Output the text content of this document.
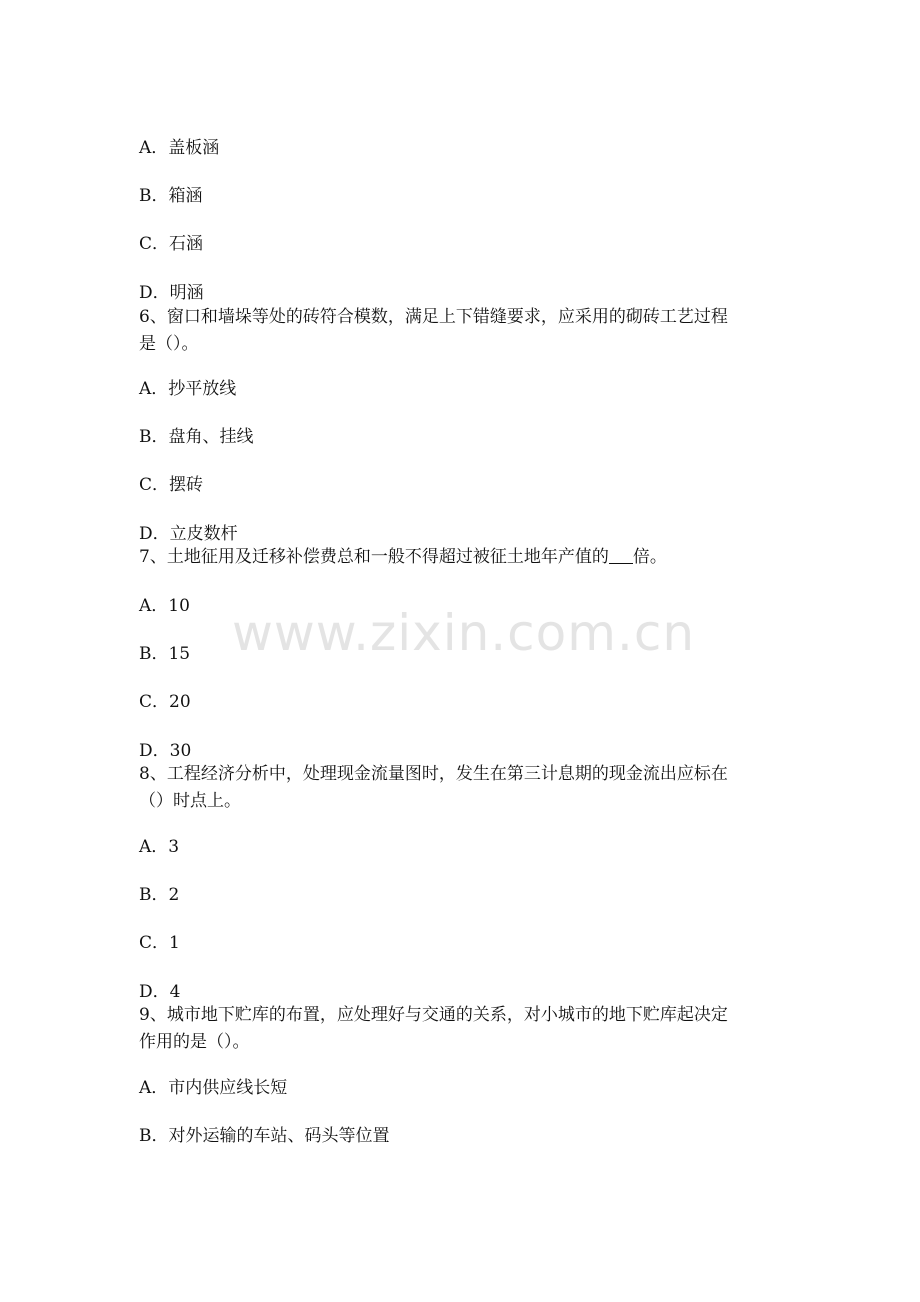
A．盖板涵
B．箱涵
C．石涵
D．明涵

6、窗口和墙垛等处的砖符合模数，满足上下错缝要求，应采用的砌砖工艺过程

是（）。

A．抄平放线
B．盘角、挂线
C．摆砖
D．立皮数杆
7、土地征用及迁移补偿费总和一般不得超过被征土地年产值的 倍。
A．10
B．15
C．20
D．30

8、工程经济分析中，处理现金流量图时，发生在第三计息期的现金流出应标在

（）时点上。

A．3
B．2
C．1
D．4

9、城市地下贮库的布置，应处理好与交通的关系，对小城市的地下贮库起决定

作用的是（）。

A．市内供应线长短
B．对外运输的车站、码头等位置
www.zixin.com.cn
